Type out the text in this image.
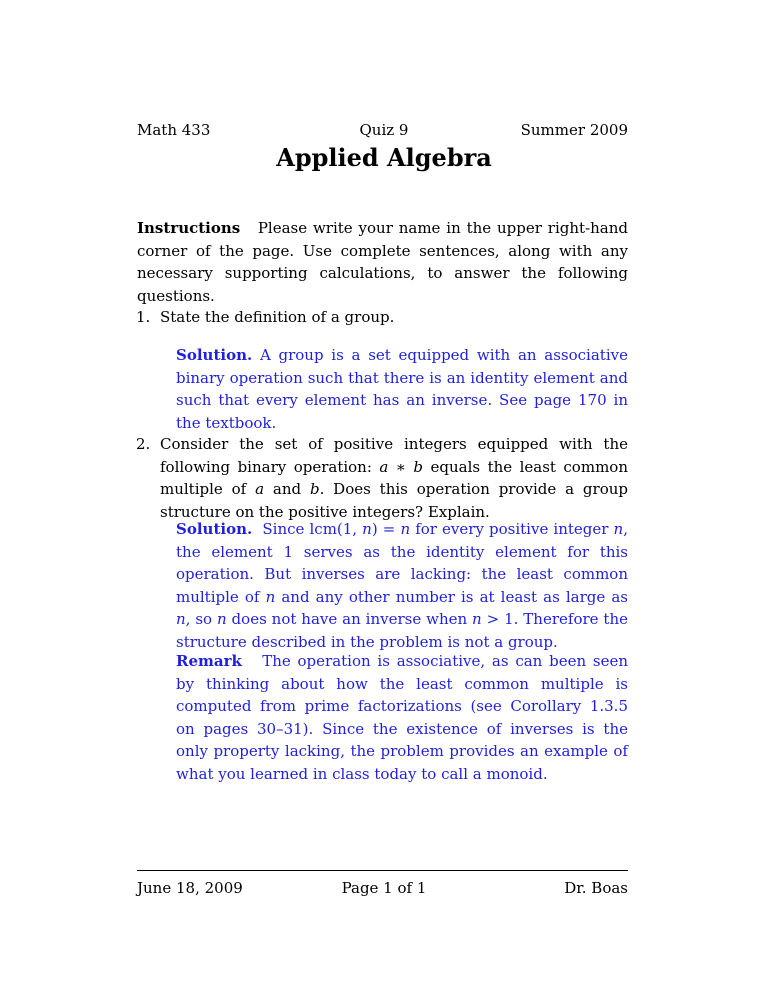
Math 433	Quiz 9	Summer 2009
Applied Algebra
Instructions Please write your name in the upper right-hand corner of the page. Use complete sentences, along with any necessary supporting calculations, to answer the following questions.
1. State the definition of a group.
Solution. A group is a set equipped with an associative binary operation such that there is an identity element and such that every element has an inverse. See page 170 in the textbook.
2. Consider the set of positive integers equipped with the following binary operation: a ∗ b equals the least common multiple of a and b. Does this operation provide a group structure on the positive integers? Explain.
Solution. Since lcm(1, n) = n for every positive integer n, the element 1 serves as the identity element for this operation. But inverses are lacking: the least common multiple of n and any other number is at least as large as n, so n does not have an inverse when n > 1. Therefore the structure described in the problem is not a group.
Remark The operation is associative, as can been seen by thinking about how the least common multiple is computed from prime factorizations (see Corollary 1.3.5 on pages 30–31). Since the existence of inverses is the only property lacking, the problem provides an example of what you learned in class today to call a monoid.
June 18, 2009	Page 1 of 1	Dr. Boas
